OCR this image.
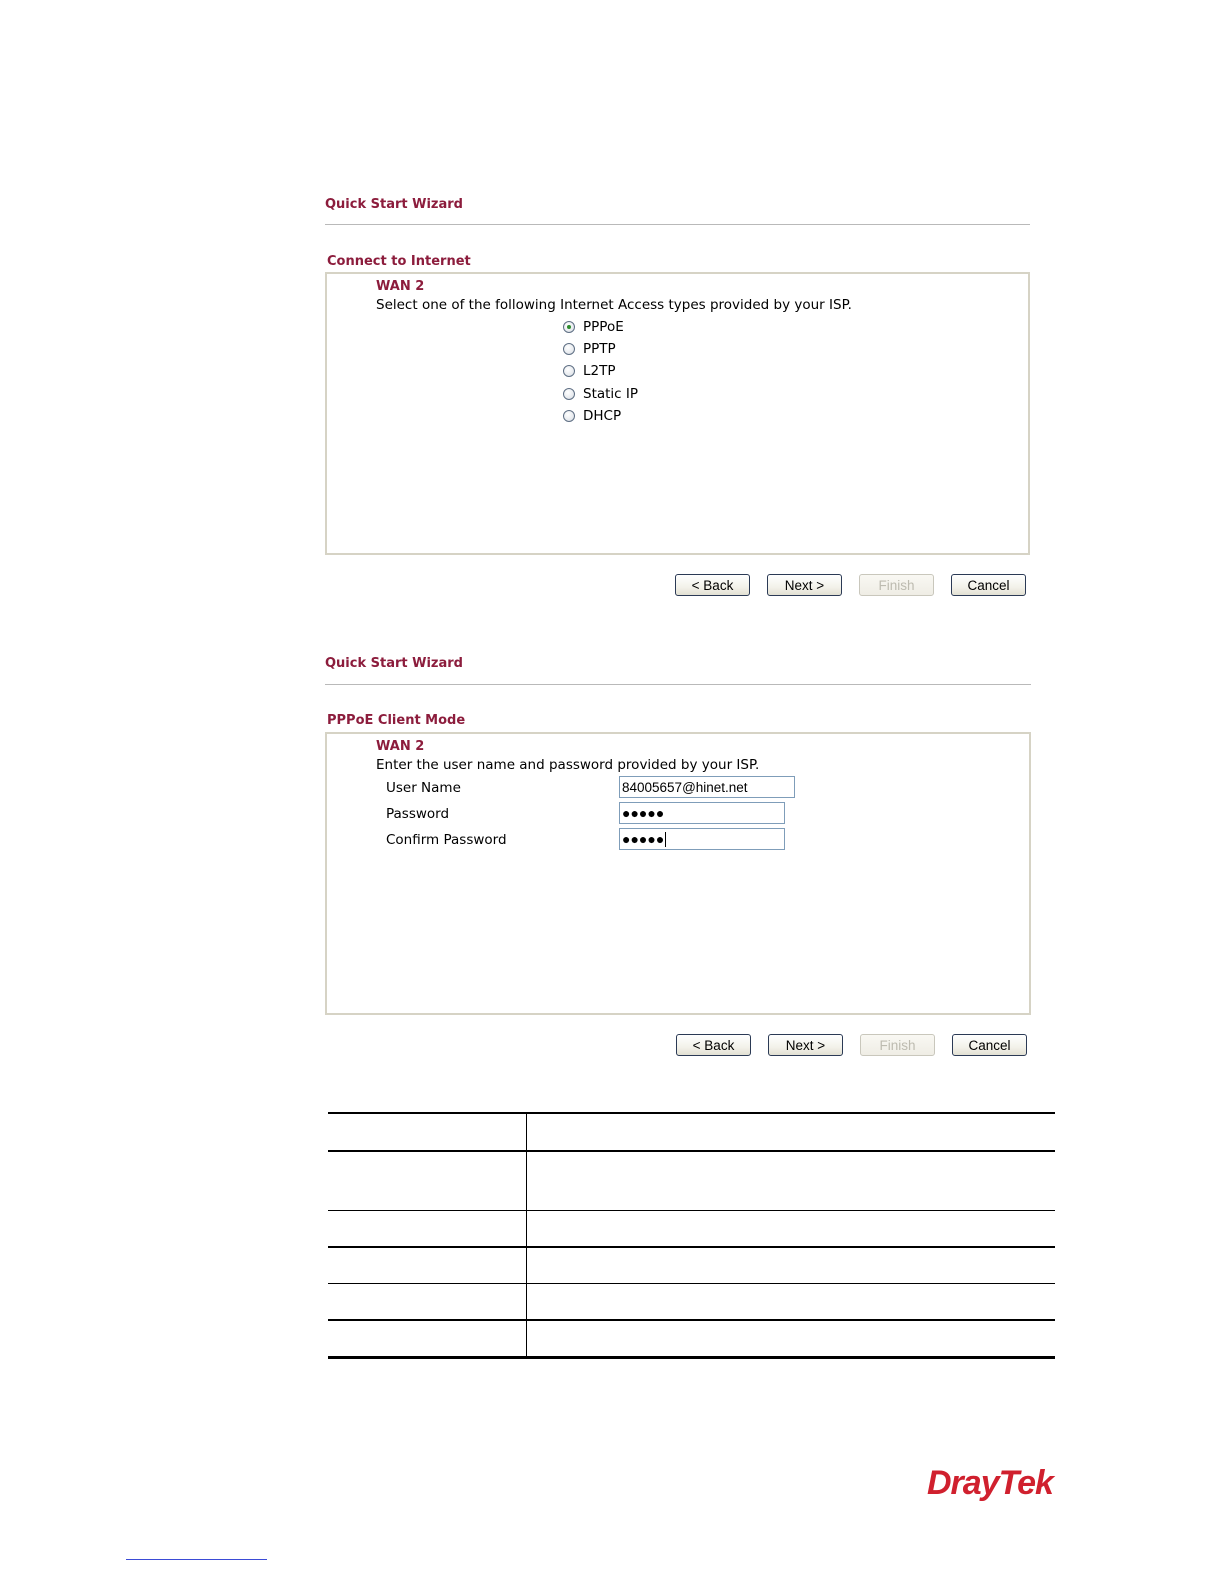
Quick Start Wizard
Connect to Internet
WAN 2
Select one of the following Internet Access types provided by your ISP.
PPPoE
PPTP
L2TP
Static IP
DHCP
< Back	Next >	Finish	Cancel
Quick Start Wizard
PPPoE Client Mode
WAN 2
Enter the user name and password provided by your ISP.
User Name	84005657@hinet.net
Password	●●●●●
Confirm Password	●●●●●
< Back	Next >	Finish	Cancel

DrayTek
